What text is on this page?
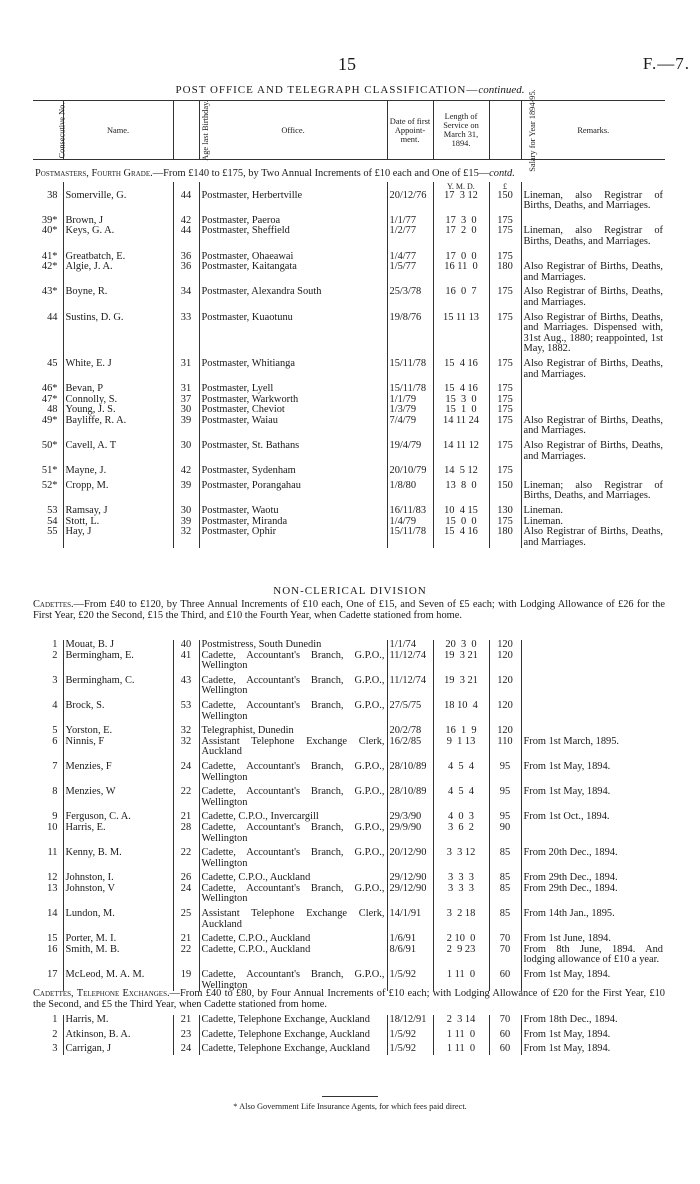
15	F.—7.
POST OFFICE AND TELEGRAPH CLASSIFICATION—continued.
Consecutive No.	Name.	Age last Birthday.	Office.	Date of first Appoint-ment.	Length of Service on March 31, 1894.	Salary for Year 1894-95.	Remarks.
Postmasters, Fourth Grade.—From £140 to £175, by Two Annual Increments of £10 each and One of £15—contd.							
					Y. M. D.	£	
38	Somerville, G.	44	Postmaster, Herbertville	20/12/76	17  3 12	150	Lineman, also Registrar of Births, Deaths, and Marriages.

39*	Brown, J	42	Postmaster, Paeroa	1/1/77	17  3  0	175	
40*	Keys, G. A.	44	Postmaster, Sheffield	1/2/77	17  2  0	175	Lineman, also Registrar of Births, Deaths, and Marriages.

41*	Greatbatch, E.	36	Postmaster, Ohaeawai	1/4/77	17  0  0	175	
42*	Algie, J. A.	36	Postmaster, Kaitangata	1/5/77	16 11  0	180	Also Registrar of Births, Deaths, and Marriages.

43*	Boyne, R.	34	Postmaster, Alexandra South	25/3/78	16  0  7	175	Also Registrar of Births, Deaths, and Marriages.

44	Sustins, D. G.	33	Postmaster, Kuaotunu	19/8/76	15 11 13	175	Also Registrar of Births, Deaths, and Marriages. Dispensed with, 31st Aug., 1880; reappointed, 1st May, 1882.

45	White, E. J	31	Postmaster, Whitianga	15/11/78	15  4 16	175	Also Registrar of Births, Deaths, and Marriages.

46*	Bevan, P	31	Postmaster, Lyell	15/11/78	15  4 16	175	
47*	Connolly, S.	37	Postmaster, Warkworth	1/1/79	15  3  0	175	
48	Young, J. S.	30	Postmaster, Cheviot	1/3/79	15  1  0	175	
49*	Bayliffe, R. A.	39	Postmaster, Waiau	7/4/79	14 11 24	175	Also Registrar of Births, Deaths, and Marriages.

50*	Cavell, A. T	30	Postmaster, St. Bathans	19/4/79	14 11 12	175	Also Registrar of Births, Deaths, and Marriages.

51*	Mayne, J.	42	Postmaster, Sydenham	20/10/79	14  5 12	175	

52*	Cropp, M.	39	Postmaster, Porangahau	1/8/80	13  8  0	150	Lineman; also Registrar of Births, Deaths, and Marriages.

53	Ramsay, J	30	Postmaster, Waotu	16/11/83	10  4 15	130	Lineman.
54	Stott, L.	39	Postmaster, Miranda	1/4/79	15  0  0	175	Lineman.
55	Hay, J	32	Postmaster, Ophir	15/11/78	15  4 16	180	Also Registrar of Births, Deaths, and Marriages.
NON-CLERICAL DIVISION
Cadettes.—From £40 to £120, by Three Annual Increments of £10 each, One of £15, and Seven of £5 each; with Lodging Allowance of £26 for the First Year, £20 the Second, £15 the Third, and £10 the Fourth Year, when Cadette stationed from home.
1	Mouat, B. J	40	Postmistress, South Dunedin	1/1/74	20  3  0	120	
2	Bermingham, E.	41	Cadette, Accountant's Branch, G.P.O., Wellington	11/12/74	19  3 21	120	

3	Bermingham, C.	43	Cadette, Accountant's Branch, G.P.O., Wellington	11/12/74	19  3 21	120	

4	Brock, S.	53	Cadette, Accountant's Branch, G.P.O., Wellington	27/5/75	18 10  4	120	

5	Yorston, E.	32	Telegraphist, Dunedin	20/2/78	16  1  9	120	
6	Ninnis, F	32	Assistant Telephone Exchange Clerk, Auckland	16/2/85	9  1 13	110	From 1st March, 1895.

7	Menzies, F	24	Cadette, Accountant's Branch, G.P.O., Wellington	28/10/89	4  5  4	95	From 1st May, 1894.

8	Menzies, W	22	Cadette, Accountant's Branch, G.P.O., Wellington	28/10/89	4  5  4	95	From 1st May, 1894.

9	Ferguson, C. A.	21	Cadette, C.P.O., Invercargill	29/3/90	4  0  3	95	From 1st Oct., 1894.
10	Harris, E.	28	Cadette, Accountant's Branch, G.P.O., Wellington	29/9/90	3  6  2	90	

11	Kenny, B. M.	22	Cadette, Accountant's Branch, G.P.O., Wellington	20/12/90	3  3 12	85	From 20th Dec., 1894.

12	Johnston, I.	26	Cadette, C.P.O., Auckland	29/12/90	3  3  3	85	From 29th Dec., 1894.
13	Johnston, V	24	Cadette, Accountant's Branch, G.P.O., Wellington	29/12/90	3  3  3	85	From 29th Dec., 1894.

14	Lundon, M.	25	Assistant Telephone Exchange Clerk, Auckland	14/1/91	3  2 18	85	From 14th Jan., 1895.

15	Porter, M. I.	21	Cadette, C.P.O., Auckland	1/6/91	2 10  0	70	From 1st June, 1894.
16	Smith, M. B.	22	Cadette, C.P.O., Auckland	8/6/91	2  9 23	70	From 8th June, 1894. And lodging allowance of £10 a year.

17	McLeod, M. A. M.	19	Cadette, Accountant's Branch, G.P.O., Wellington	1/5/92	1 11  0	60	From 1st May, 1894.
Cadettes, Telephone Exchanges.—From £40 to £80, by Four Annual Increments of £10 each; with Lodging Allowance of £20 for the First Year, £10 the Second, and £5 the Third Year, when Cadette stationed from home.
1	Harris, M.	21	Cadette, Telephone Exchange, Auckland	18/12/91	2  3 14	70	From 18th Dec., 1894.

2	Atkinson, B. A.	23	Cadette, Telephone Exchange, Auckland	1/5/92	1 11  0	60	From 1st May, 1894.

3	Carrigan, J	24	Cadette, Telephone Exchange, Auckland	1/5/92	1 11  0	60	From 1st May, 1894.
* Also Government Life Insurance Agents, for which fees paid direct.
